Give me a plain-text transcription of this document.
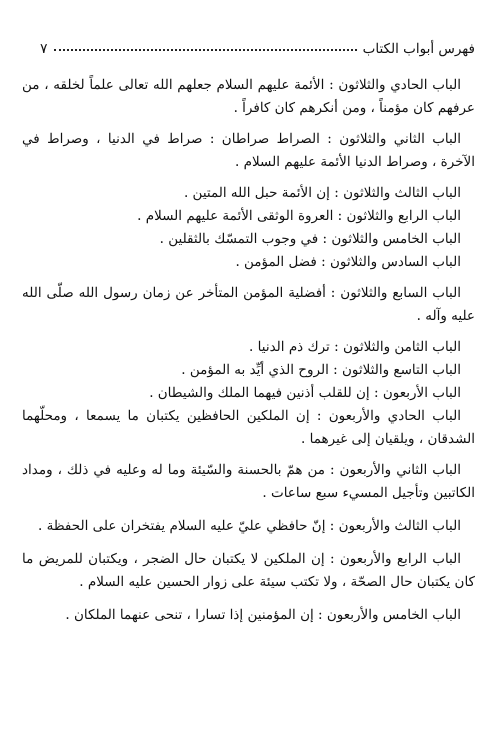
فهرس أبواب الكتاب
٧

الباب الحادي والثلاثون : الأئمة عليهم السلام جعلهم الله تعالى علماً لخلقه ، من عرفهم كان مؤمناً ، ومن أنكرهم كان كافراً .

الباب الثاني والثلاثون : الصراط صراطان : صراط في الدنيا ، وصراط في الآخرة ، وصراط الدنيا الأئمة عليهم السلام .

الباب الثالث والثلاثون : إن الأئمة حبل الله المتين .

الباب الرابع والثلاثون : العروة الوثقى الأئمة عليهم السلام .

الباب الخامس والثلاثون : في وجوب التمسّك بالثقلين .

الباب السادس والثلاثون : فضل المؤمن .

الباب السابع والثلاثون : أفضلية المؤمن المتأخر عن زمان رسول الله صلّى الله عليه وآله .

الباب الثامن والثلاثون : ترك ذم الدنيا .

الباب التاسع والثلاثون : الروح الذي أيِّد به المؤمن .

الباب الأربعون : إن للقلب أذنين فيهما الملك والشيطان .

الباب الحادي والأربعون : إن الملكين الحافظين يكتبان ما يسمعا ، ومحلّهما الشدقان ، ويلقيان إلى غيرهما .

الباب الثاني والأربعون : من همّ بالحسنة والسّيئة وما له وعليه في ذلك ، ومداد الكاتبين وتأجيل المسيء سبع ساعات .

الباب الثالث والأربعون : إنّ حافظي عليّ عليه السلام يفتخران على الحفظة .

الباب الرابع والأربعون : إن الملكين لا يكتبان حال الضجر ، ويكتبان للمريض ما كان يكتبان حال الصحّة ، ولا تكتب سيئة على زوار الحسين عليه السلام .

الباب الخامس والأربعون : إن المؤمنين إذا تسارا ، تنحى عنهما الملكان .
